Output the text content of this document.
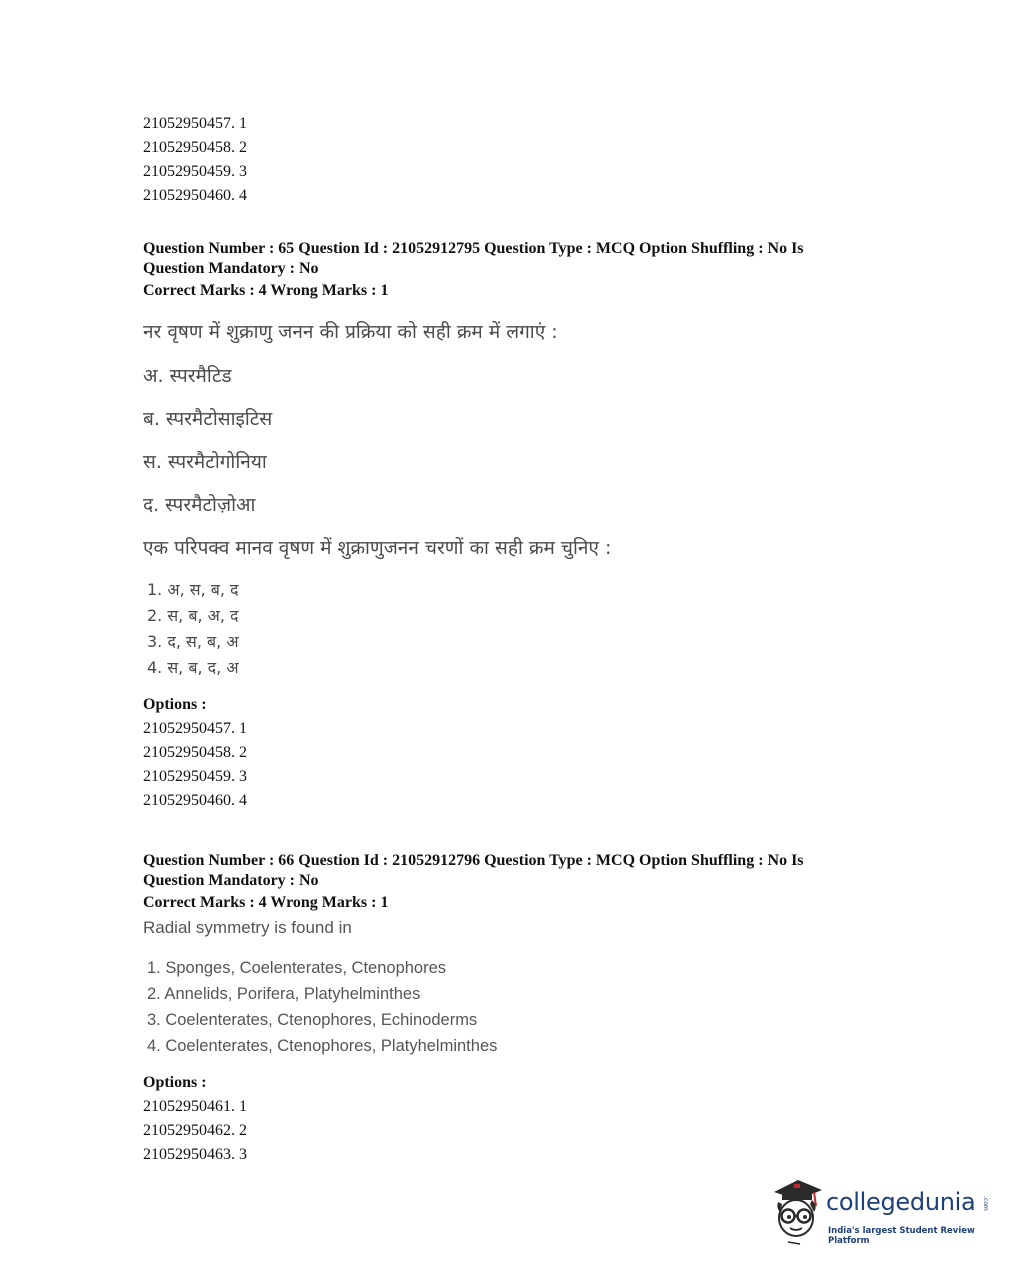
21052950457. 1
21052950458. 2
21052950459. 3
21052950460. 4
Question Number : 65 Question Id : 21052912795 Question Type : MCQ Option Shuffling : No Is
Question Mandatory : No
Correct Marks : 4 Wrong Marks : 1
नर वृषण में शुक्राणु जनन की प्रक्रिया को सही क्रम में लगाएं :
अ. स्परमैटिड
ब. स्परमैटोसाइटिस
स. स्परमैटोगोनिया
द. स्परमैटोज़ोआ
एक परिपक्व मानव वृषण में शुक्राणुजनन चरणों का सही क्रम चुनिए :
1. अ, स, ब, द
2. स, ब, अ, द
3. द, स, ब, अ
4. स, ब, द, अ
Options :
21052950457. 1
21052950458. 2
21052950459. 3
21052950460. 4
Question Number : 66 Question Id : 21052912796 Question Type : MCQ Option Shuffling : No Is
Question Mandatory : No
Correct Marks : 4 Wrong Marks : 1
Radial symmetry is found in
1. Sponges, Coelenterates, Ctenophores
2. Annelids, Porifera, Platyhelminthes
3. Coelenterates, Ctenophores, Echinoderms
4. Coelenterates, Ctenophores, Platyhelminthes
Options :
21052950461. 1
21052950462. 2
21052950463. 3
collegedunia .com
India's largest Student Review Platform
